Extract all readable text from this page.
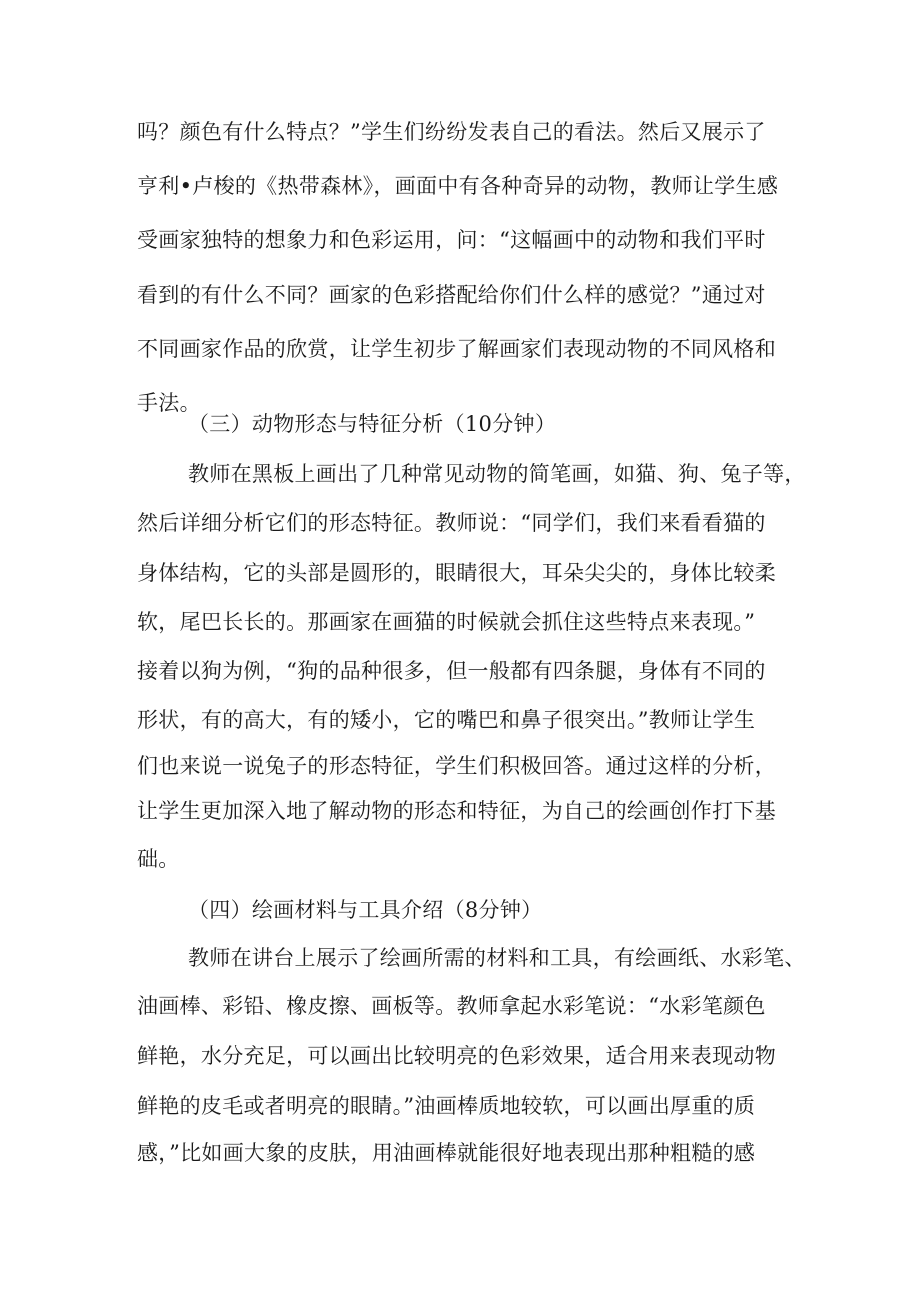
吗？颜色有什么特点？”学生们纷纷发表自己的看法。然后又展示了
亨利•卢梭的《热带森林》，画面中有各种奇异的动物，教师让学生感
受画家独特的想象力和色彩运用，问：“这幅画中的动物和我们平时
看到的有什么不同？画家的色彩搭配给你们什么样的感觉？”通过对
不同画家作品的欣赏，让学生初步了解画家们表现动物的不同风格和
手法。
（三）动物形态与特征分析（10分钟）
教师在黑板上画出了几种常见动物的简笔画，如猫、狗、兔子等，
然后详细分析它们的形态特征。教师说：“同学们，我们来看看猫的
身体结构，它的头部是圆形的，眼睛很大，耳朵尖尖的，身体比较柔
软，尾巴长长的。那画家在画猫的时候就会抓住这些特点来表现。”
接着以狗为例，“狗的品种很多，但一般都有四条腿，身体有不同的
形状，有的高大，有的矮小，它的嘴巴和鼻子很突出。”教师让学生
们也来说一说兔子的形态特征，学生们积极回答。通过这样的分析，
让学生更加深入地了解动物的形态和特征，为自己的绘画创作打下基
础。
（四）绘画材料与工具介绍（8分钟）
教师在讲台上展示了绘画所需的材料和工具，有绘画纸、水彩笔、
油画棒、彩铅、橡皮擦、画板等。教师拿起水彩笔说：“水彩笔颜色
鲜艳，水分充足，可以画出比较明亮的色彩效果，适合用来表现动物
鲜艳的皮毛或者明亮的眼睛。”油画棒质地较软，可以画出厚重的质
感，”比如画大象的皮肤，用油画棒就能很好地表现出那种粗糙的感
